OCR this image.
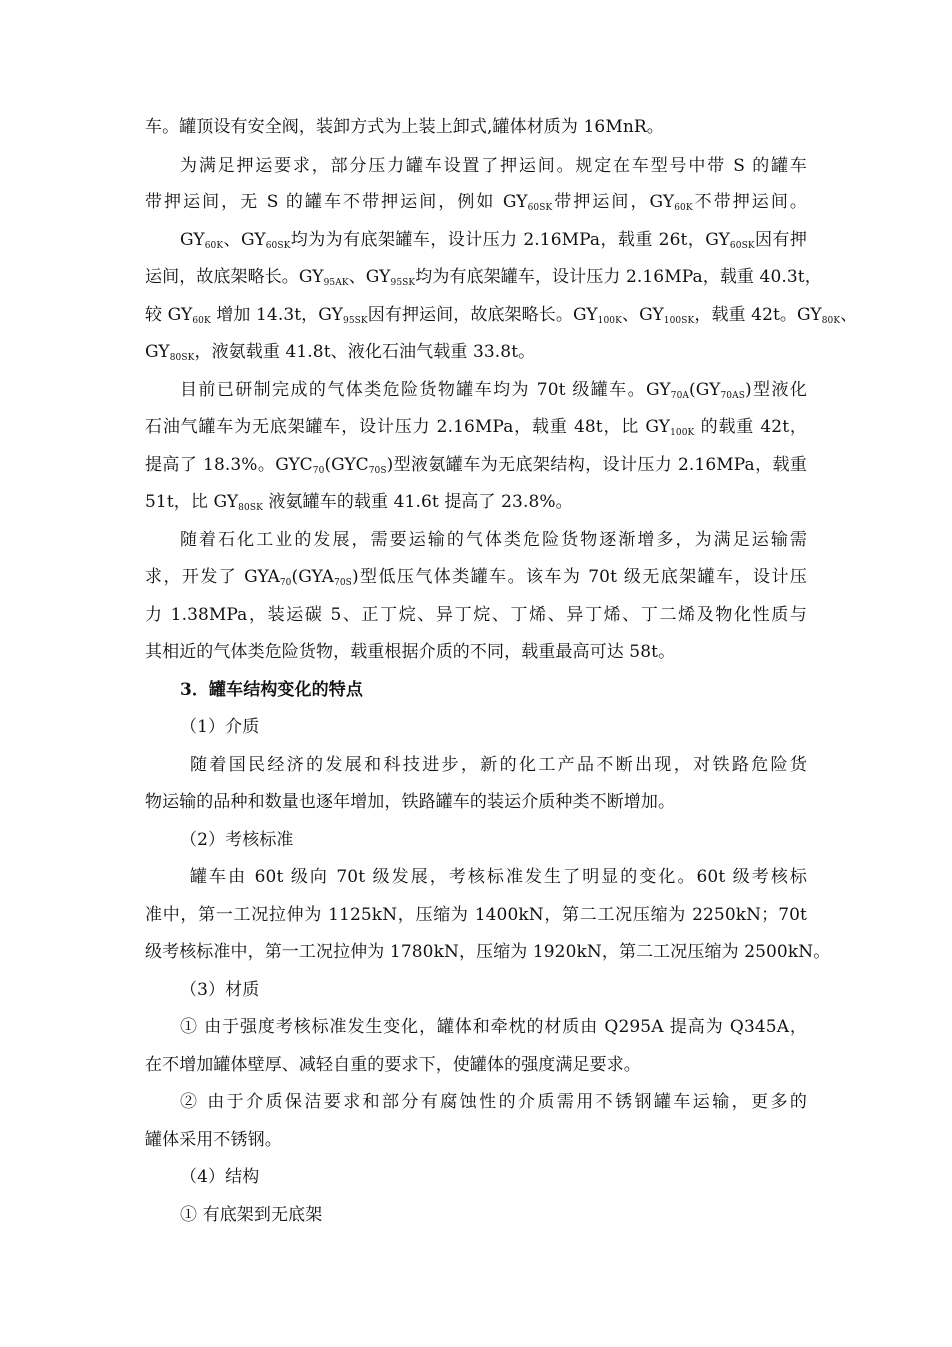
车。罐顶设有安全阀，装卸方式为上装上卸式,罐体材质为 16MnR。
为满足押运要求，部分压力罐车设置了押运间。规定在车型号中带 S 的罐车
带押运间，无 S 的罐车不带押运间，例如 $GY_{60SK}$带押运间，$GY_{60K}$不带押运间。
$GY_{60K}$、$GY_{60SK}$均为为有底架罐车，设计压力 2.16MPa，载重 26t，$GY_{60SK}$因有押
运间，故底架略长。$GY_{95AK}$、$GY_{95SK}$均为有底架罐车，设计压力 2.16MPa，载重 40.3t，
较 $GY_{60K}$ 增加 14.3t，$GY_{95SK}$因有押运间，故底架略长。$GY_{100K}$、$GY_{100SK}$，载重 42t。$GY_{80K}$、
$GY_{80SK}$，液氨载重 41.8t、液化石油气载重 33.8t。
目前已研制完成的气体类危险货物罐车均为 70t 级罐车。$GY_{70A}(GY_{70AS})$型液化
石油气罐车为无底架罐车，设计压力 2.16MPa，载重 48t，比 $GY_{100K}$ 的载重 42t，
提高了 18.3%。$GYC_{70}(GYC_{70S})$型液氨罐车为无底架结构，设计压力 2.16MPa，载重
51t，比 $GY_{80SK}$ 液氨罐车的载重 41.6t 提高了 23.8%。
随着石化工业的发展，需要运输的气体类危险货物逐渐增多，为满足运输需
求，开发了 $GYA_{70}(GYA_{70S})$型低压气体类罐车。该车为 70t 级无底架罐车，设计压
力 1.38MPa，装运碳 5、正丁烷、异丁烷、丁烯、异丁烯、丁二烯及物化性质与
其相近的气体类危险货物，载重根据介质的不同，载重最高可达 58t。
3．罐车结构变化的特点
（1）介质
随着国民经济的发展和科技进步，新的化工产品不断出现，对铁路危险货
物运输的品种和数量也逐年增加，铁路罐车的装运介质种类不断增加。
（2）考核标准
罐车由 60t 级向 70t 级发展，考核标准发生了明显的变化。60t 级考核标
准中，第一工况拉伸为 1125kN，压缩为 1400kN，第二工况压缩为 2250kN；70t
级考核标准中，第一工况拉伸为 1780kN，压缩为 1920kN，第二工况压缩为 2500kN。
（3）材质
① 由于强度考核标准发生变化，罐体和牵枕的材质由 Q295A 提高为 Q345A，
在不增加罐体壁厚、减轻自重的要求下，使罐体的强度满足要求。
② 由于介质保洁要求和部分有腐蚀性的介质需用不锈钢罐车运输，更多的
罐体采用不锈钢。
（4）结构
① 有底架到无底架
